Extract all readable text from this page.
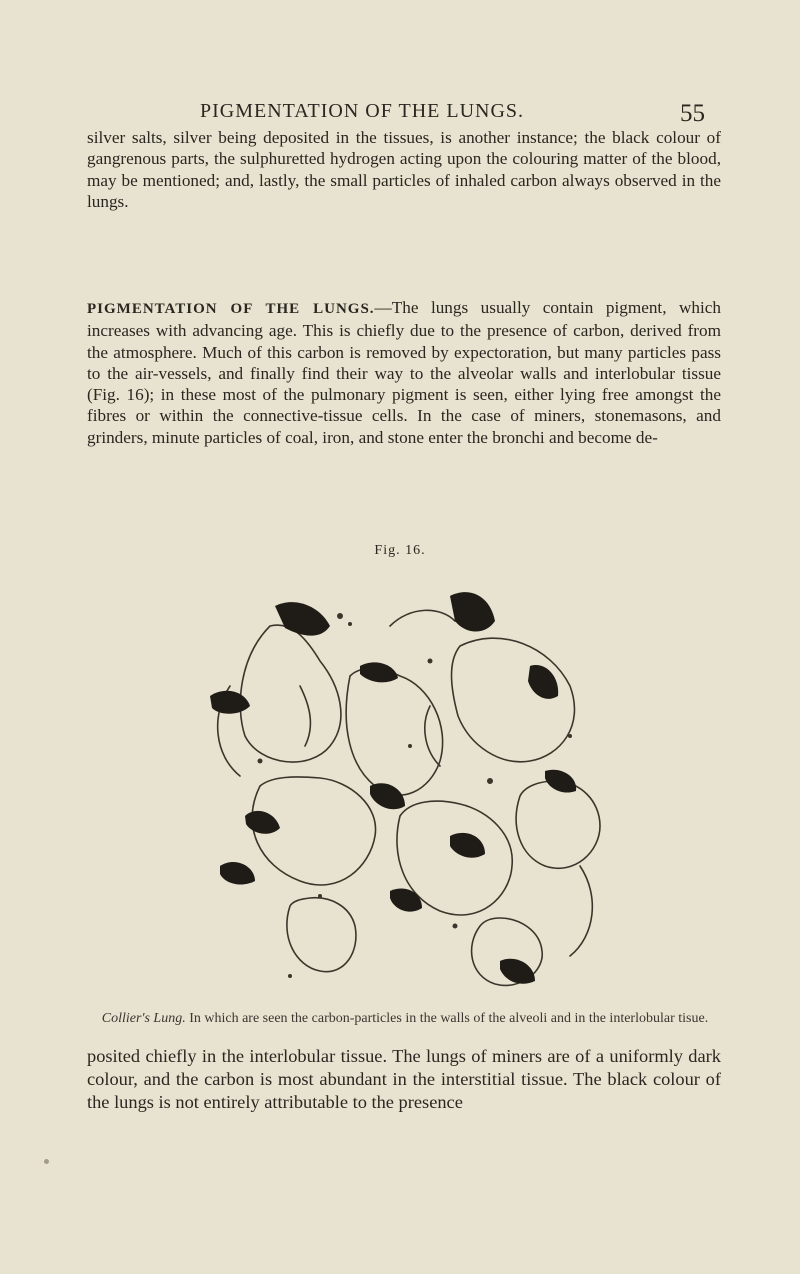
PIGMENTATION OF THE LUNGS.	55

silver salts, silver being deposited in the tissues, is another instance; the black colour of gangrenous parts, the sulphuretted hydrogen acting upon the colouring matter of the blood, may be mentioned; and, lastly, the small particles of inhaled carbon always observed in the lungs.

PIGMENTATION OF THE LUNGS.—The lungs usually contain pigment, which increases with advancing age. This is chiefly due to the presence of carbon, derived from the atmosphere. Much of this carbon is removed by expectoration, but many particles pass to the air-vessels, and finally find their way to the alveolar walls and interlobular tissue (Fig. 16); in these most of the pulmonary pigment is seen, either lying free amongst the fibres or within the connective-tissue cells. In the case of miners, stonemasons, and grinders, minute particles of coal, iron, and stone enter the bronchi and become de-

Fig. 16.

Collier's Lung. In which are seen the carbon-particles in the walls of the alveoli and in the interlobular tisue.

posited chiefly in the interlobular tissue. The lungs of miners are of a uniformly dark colour, and the carbon is most abundant in the interstitial tissue. The black colour of the lungs is not entirely attributable to the presence
